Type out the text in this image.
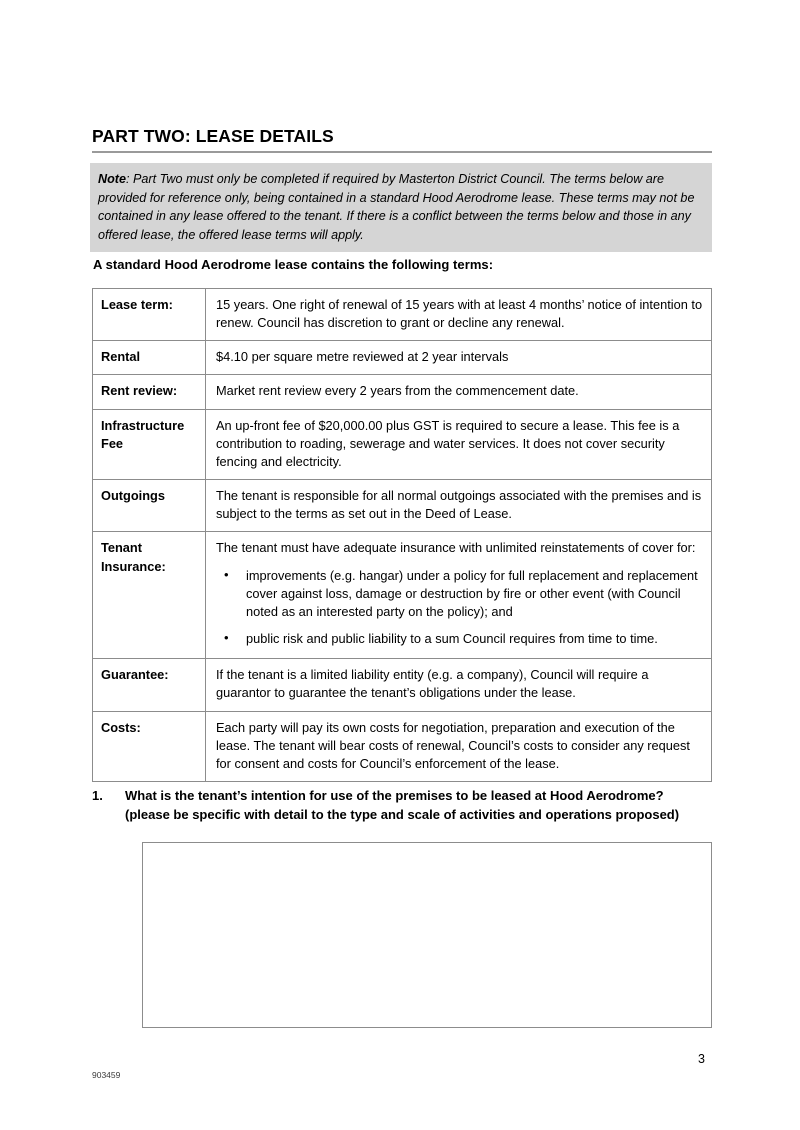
PART TWO: LEASE DETAILS
Note: Part Two must only be completed if required by Masterton District Council. The terms below are provided for reference only, being contained in a standard Hood Aerodrome lease. These terms may not be contained in any lease offered to the tenant. If there is a conflict between the terms below and those in any offered lease, the offered lease terms will apply.
A standard Hood Aerodrome lease contains the following terms:
Lease term:	15 years. One right of renewal of 15 years with at least 4 months’ notice of intention to renew. Council has discretion to grant or decline any renewal.
Rental	$4.10 per square metre reviewed at 2 year intervals
Rent review:	Market rent review every 2 years from the commencement date.
Infrastructure Fee	An up-front fee of $20,000.00 plus GST is required to secure a lease. This fee is a contribution to roading, sewerage and water services. It does not cover security fencing and electricity.
Outgoings	The tenant is responsible for all normal outgoings associated with the premises and is subject to the terms as set out in the Deed of Lease.
Tenant Insurance:	

The tenant must have adequate insurance with unlimited reinstatements of cover for:

• improvements (e.g. hangar) under a policy for full replacement and replacement cover against loss, damage or destruction by fire or other event (with Council noted as an interested party on the policy); and
• public risk and public liability to a sum Council requires from time to time.

Guarantee:	If the tenant is a limited liability entity (e.g. a company), Council will require a guarantor to guarantee the tenant’s obligations under the lease.
Costs:	Each party will pay its own costs for negotiation, preparation and execution of the lease. The tenant will bear costs of renewal, Council’s costs to consider any request for consent and costs for Council’s enforcement of the lease.
1.	What is the tenant’s intention for use of the premises to be leased at Hood Aerodrome? (please be specific with detail to the type and scale of activities and operations proposed)
3
903459
